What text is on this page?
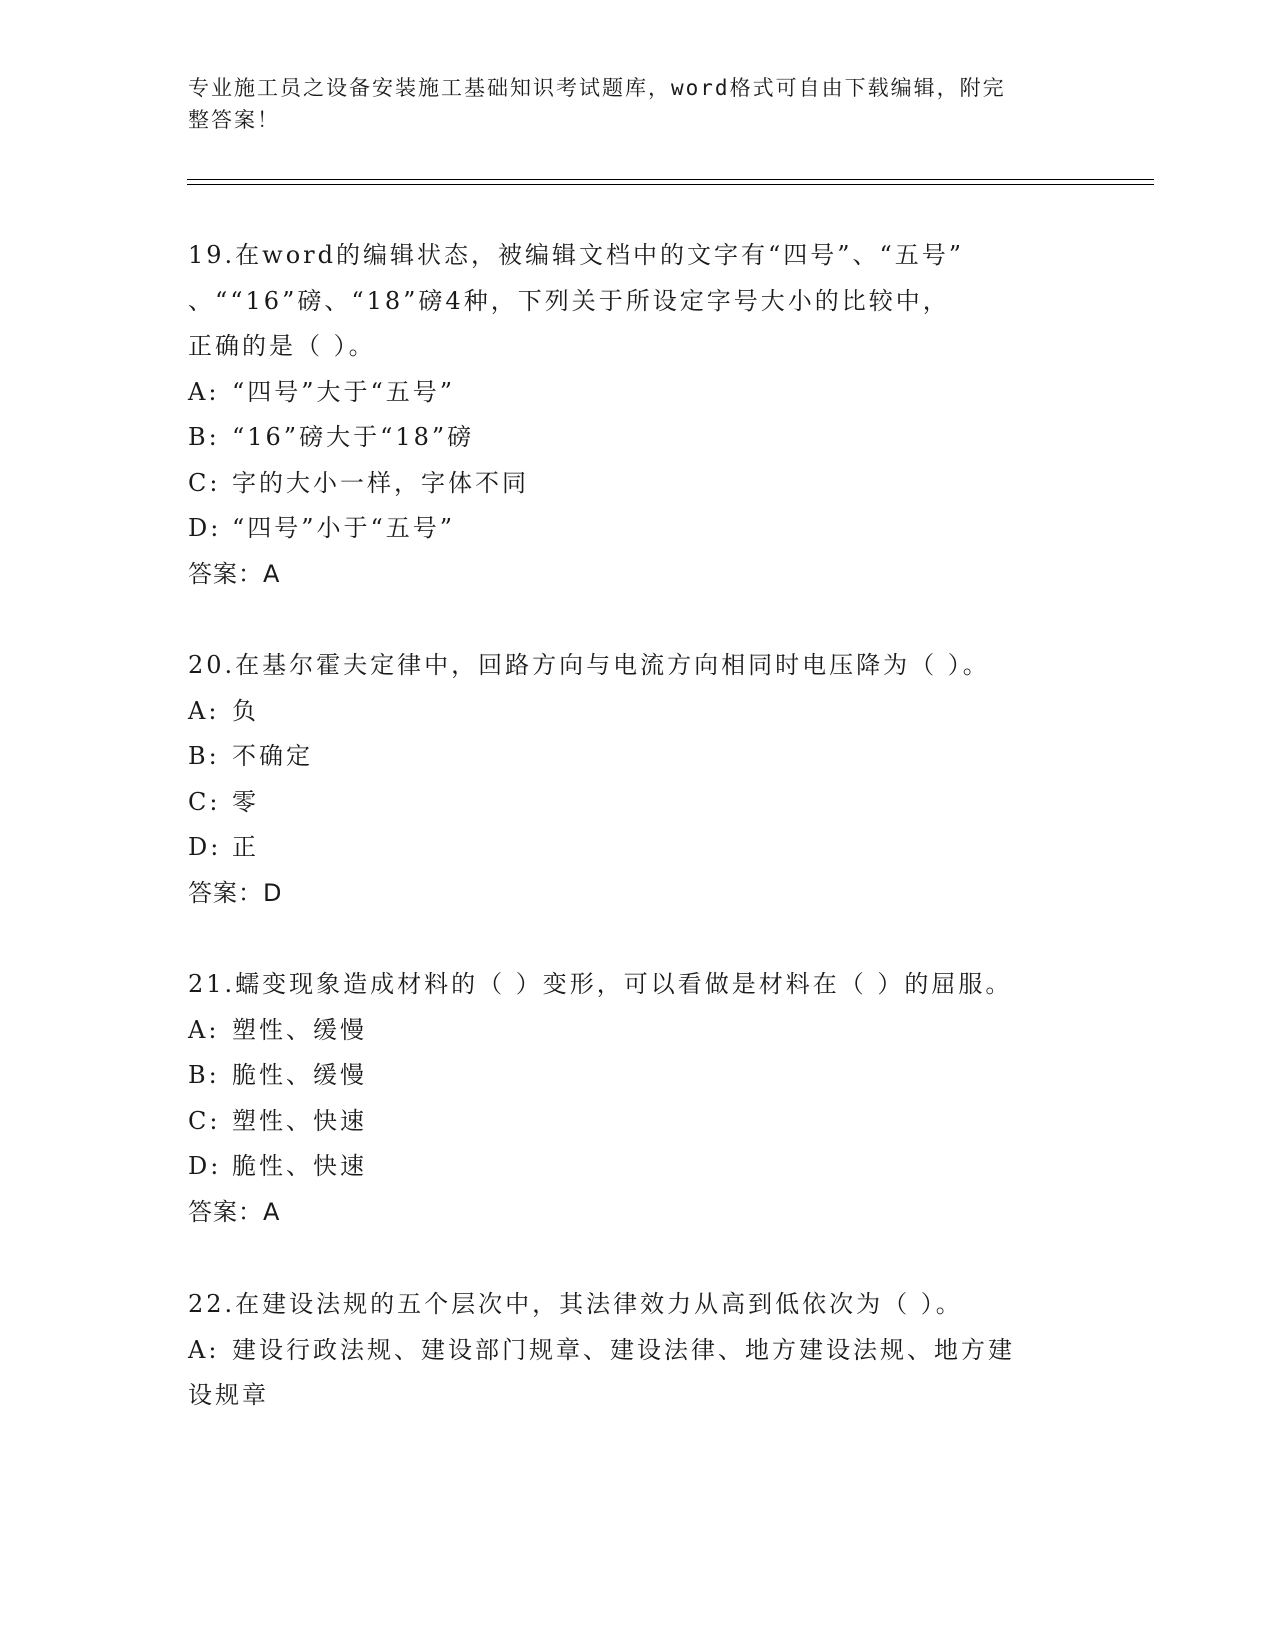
专业施工员之设备安装施工基础知识考试题库，word格式可自由下载编辑，附完
整答案！
19.在word的编辑状态，被编辑文档中的文字有“四号”、“五号”
、““16”磅、“18”磅4种，下列关于所设定字号大小的比较中，
正确的是（ ）。
A: “四号”大于“五号”
B: “16”磅大于“18”磅
C: 字的大小一样，字体不同
D: “四号”小于“五号”
答案：A
20.在基尔霍夫定律中，回路方向与电流方向相同时电压降为（ ）。
A: 负
B: 不确定
C: 零
D: 正
答案：D
21.蠕变现象造成材料的（ ）变形，可以看做是材料在（ ）的屈服。
A: 塑性、缓慢
B: 脆性、缓慢
C: 塑性、快速
D: 脆性、快速
答案：A
22.在建设法规的五个层次中，其法律效力从高到低依次为（ ）。
A: 建设行政法规、建设部门规章、建设法律、地方建设法规、地方建
设规章
